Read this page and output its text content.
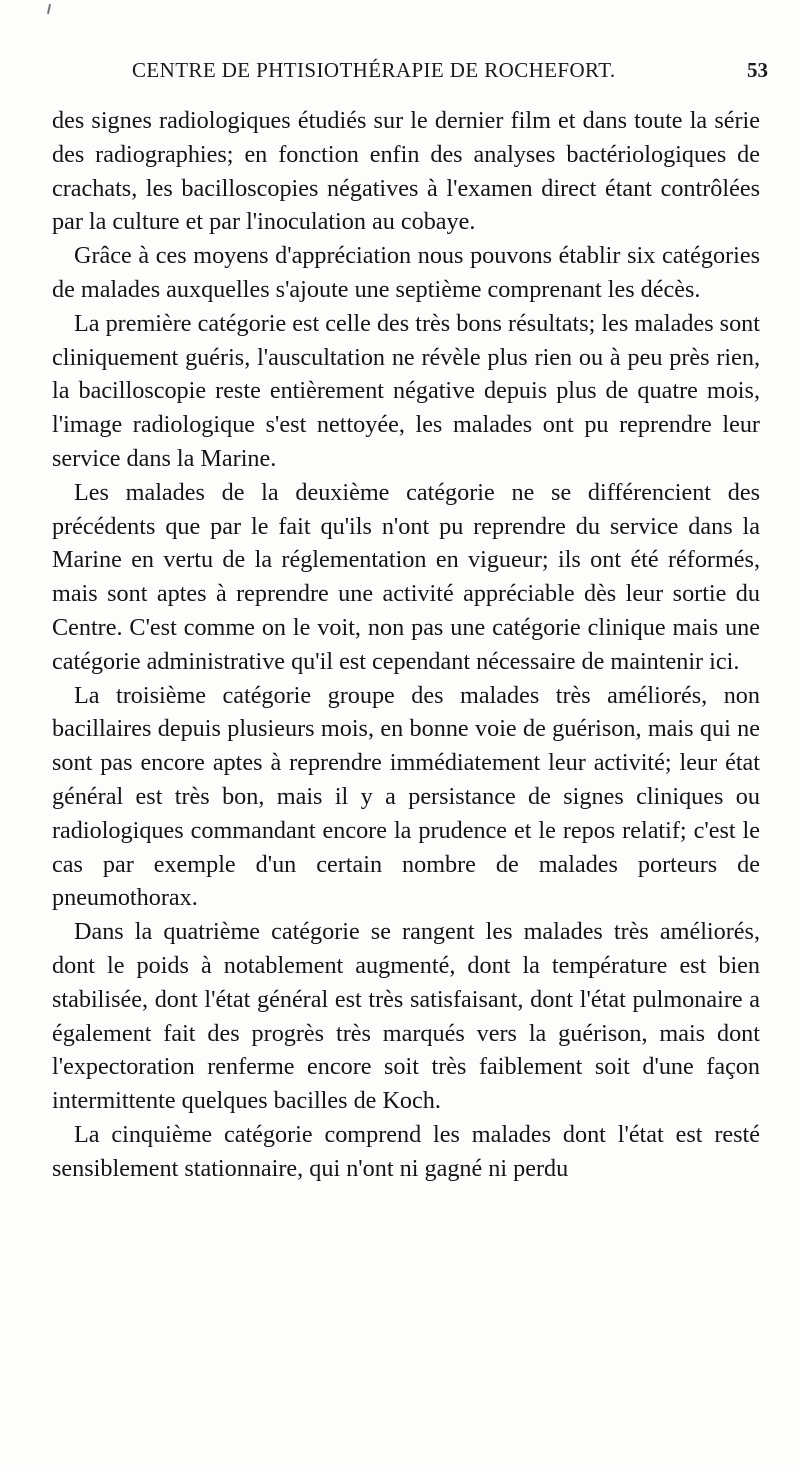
CENTRE DE PHTISIOTHÉRAPIE DE ROCHEFORT.	53

des signes radiologiques étudiés sur le dernier film et dans toute la série des radiographies; en fonction enfin des analyses bactériologiques de crachats, les bacilloscopies négatives à l'examen direct étant contrôlées par la culture et par l'inoculation au cobaye.

Grâce à ces moyens d'appréciation nous pouvons établir six catégories de malades auxquelles s'ajoute une septième comprenant les décès.

La première catégorie est celle des très bons résultats; les malades sont cliniquement guéris, l'auscultation ne révèle plus rien ou à peu près rien, la bacilloscopie reste entièrement négative depuis plus de quatre mois, l'image radiologique s'est nettoyée, les malades ont pu reprendre leur service dans la Marine.

Les malades de la deuxième catégorie ne se différencient des précédents que par le fait qu'ils n'ont pu reprendre du service dans la Marine en vertu de la réglementation en vigueur; ils ont été réformés, mais sont aptes à reprendre une activité appréciable dès leur sortie du Centre. C'est comme on le voit, non pas une catégorie clinique mais une catégorie administrative qu'il est cependant nécessaire de maintenir ici.

La troisième catégorie groupe des malades très améliorés, non bacillaires depuis plusieurs mois, en bonne voie de guérison, mais qui ne sont pas encore aptes à reprendre immédiatement leur activité; leur état général est très bon, mais il y a persistance de signes cliniques ou radiologiques commandant encore la prudence et le repos relatif; c'est le cas par exemple d'un certain nombre de malades porteurs de pneumothorax.

Dans la quatrième catégorie se rangent les malades très améliorés, dont le poids à notablement augmenté, dont la température est bien stabilisée, dont l'état général est très satisfaisant, dont l'état pulmonaire a également fait des progrès très marqués vers la guérison, mais dont l'expectoration renferme encore soit très faiblement soit d'une façon intermittente quelques bacilles de Koch.

La cinquième catégorie comprend les malades dont l'état est resté sensiblement stationnaire, qui n'ont ni gagné ni perdu
